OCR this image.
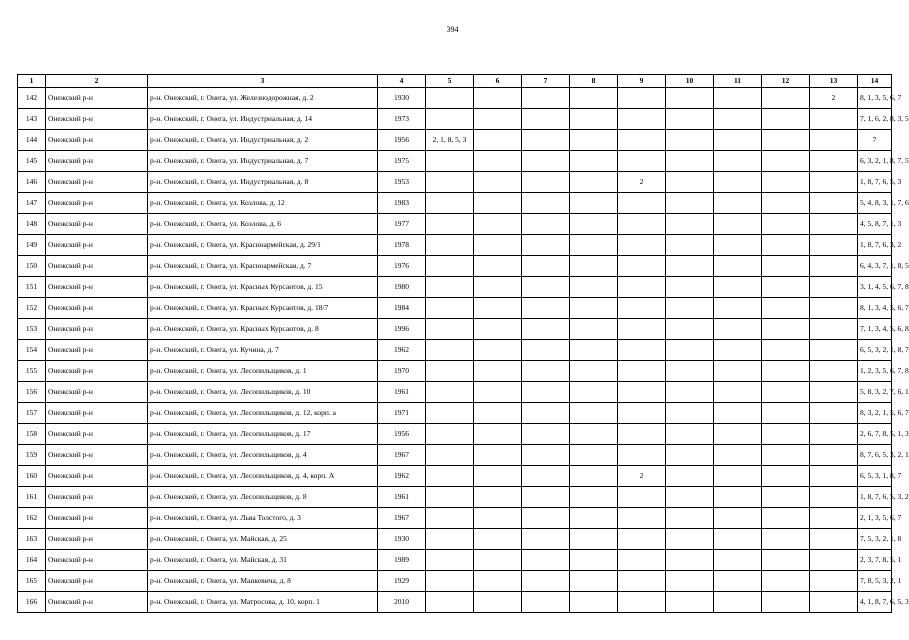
394
1	2	3	4	5	6	7	8	9	10	11	12	13	14
142	Онежский р-н	р-н. Онежский, г. Онега, ул. Железнодорожная, д. 2	1930									2	8, 1, 3, 5, 6, 7
143	Онежский р-н	р-н. Онежский, г. Онега, ул. Индустриальная, д. 14	1973										7, 1, 6, 2, 8, 3, 5
144	Онежский р-н	р-н. Онежский, г. Онега, ул. Индустриальная, д. 2	1956	2, 1, 8, 5, 3									7
145	Онежский р-н	р-н. Онежский, г. Онега, ул. Индустриальная, д. 7	1975										6, 3, 2, 1, 8, 7, 5
146	Онежский р-н	р-н. Онежский, г. Онега, ул. Индустриальная, д. 8	1953					2					1, 8, 7, 6, 5, 3
147	Онежский р-н	р-н. Онежский, г. Онега, ул. Козлова, д. 12	1983										5, 4, 8, 3, 1, 7, 6
148	Онежский р-н	р-н. Онежский, г. Онега, ул. Козлова, д. 6	1977										4, 5, 8, 7, 1, 3
149	Онежский р-н	р-н. Онежский, г. Онега, ул. Красноармейская, д. 29/1	1978										1, 8, 7, 6, 3, 2
150	Онежский р-н	р-н. Онежский, г. Онега, ул. Красноармейская, д. 7	1976										6, 4, 3, 7, 1, 8, 5
151	Онежский р-н	р-н. Онежский, г. Онега, ул. Красных Курсантов, д. 15	1980										3, 1, 4, 5, 6, 7, 8
152	Онежский р-н	р-н. Онежский, г. Онега, ул. Красных Курсантов, д. 18/7	1984										8, 1, 3, 4, 5, 6, 7
153	Онежский р-н	р-н. Онежский, г. Онега, ул. Красных Курсантов, д. 8	1996										7, 1, 3, 4, 5, 6, 8
154	Онежский р-н	р-н. Онежский, г. Онега, ул. Кучина, д. 7	1962										6, 5, 3, 2, 1, 8, 7
155	Онежский р-н	р-н. Онежский, г. Онега, ул. Лесопильщиков, д. 1	1970										1, 2, 3, 5, 6, 7, 8
156	Онежский р-н	р-н. Онежский, г. Онега, ул. Лесопильщиков, д. 10	1961										5, 8, 3, 2, 7, 6, 1
157	Онежский р-н	р-н. Онежский, г. Онега, ул. Лесопильщиков, д. 12, корп. а	1971										8, 3, 2, 1, 5, 6, 7
158	Онежский р-н	р-н. Онежский, г. Онега, ул. Лесопильщиков, д. 17	1956										2, 6, 7, 8, 5, 1, 3
159	Онежский р-н	р-н. Онежский, г. Онега, ул. Лесопильщиков, д. 4	1967										8, 7, 6, 5, 3, 2, 1
160	Онежский р-н	р-н. Онежский, г. Онега, ул. Лесопильщиков, д. 4, корп. А	1962					2					6, 5, 3, 1, 8, 7
161	Онежский р-н	р-н. Онежский, г. Онега, ул. Лесопильщиков, д. 8	1961										1, 8, 7, 6, 5, 3, 2
162	Онежский р-н	р-н. Онежский, г. Онега, ул. Льва Толстого, д. 3	1967										2, 1, 3, 5, 6, 7
163	Онежский р-н	р-н. Онежский, г. Онега, ул. Майская, д. 25	1930										7, 5, 3, 2, 1, 8
164	Онежский р-н	р-н. Онежский, г. Онега, ул. Майская, д. 31	1989										2, 3, 7, 8, 5, 1
165	Онежский р-н	р-н. Онежский, г. Онега, ул. Манкевича, д. 8	1929										7, 8, 5, 3, 2, 1
166	Онежский р-н	р-н. Онежский, г. Онега, ул. Матросова, д. 10, корп. 1	2010										4, 1, 8, 7, 6, 5, 3
